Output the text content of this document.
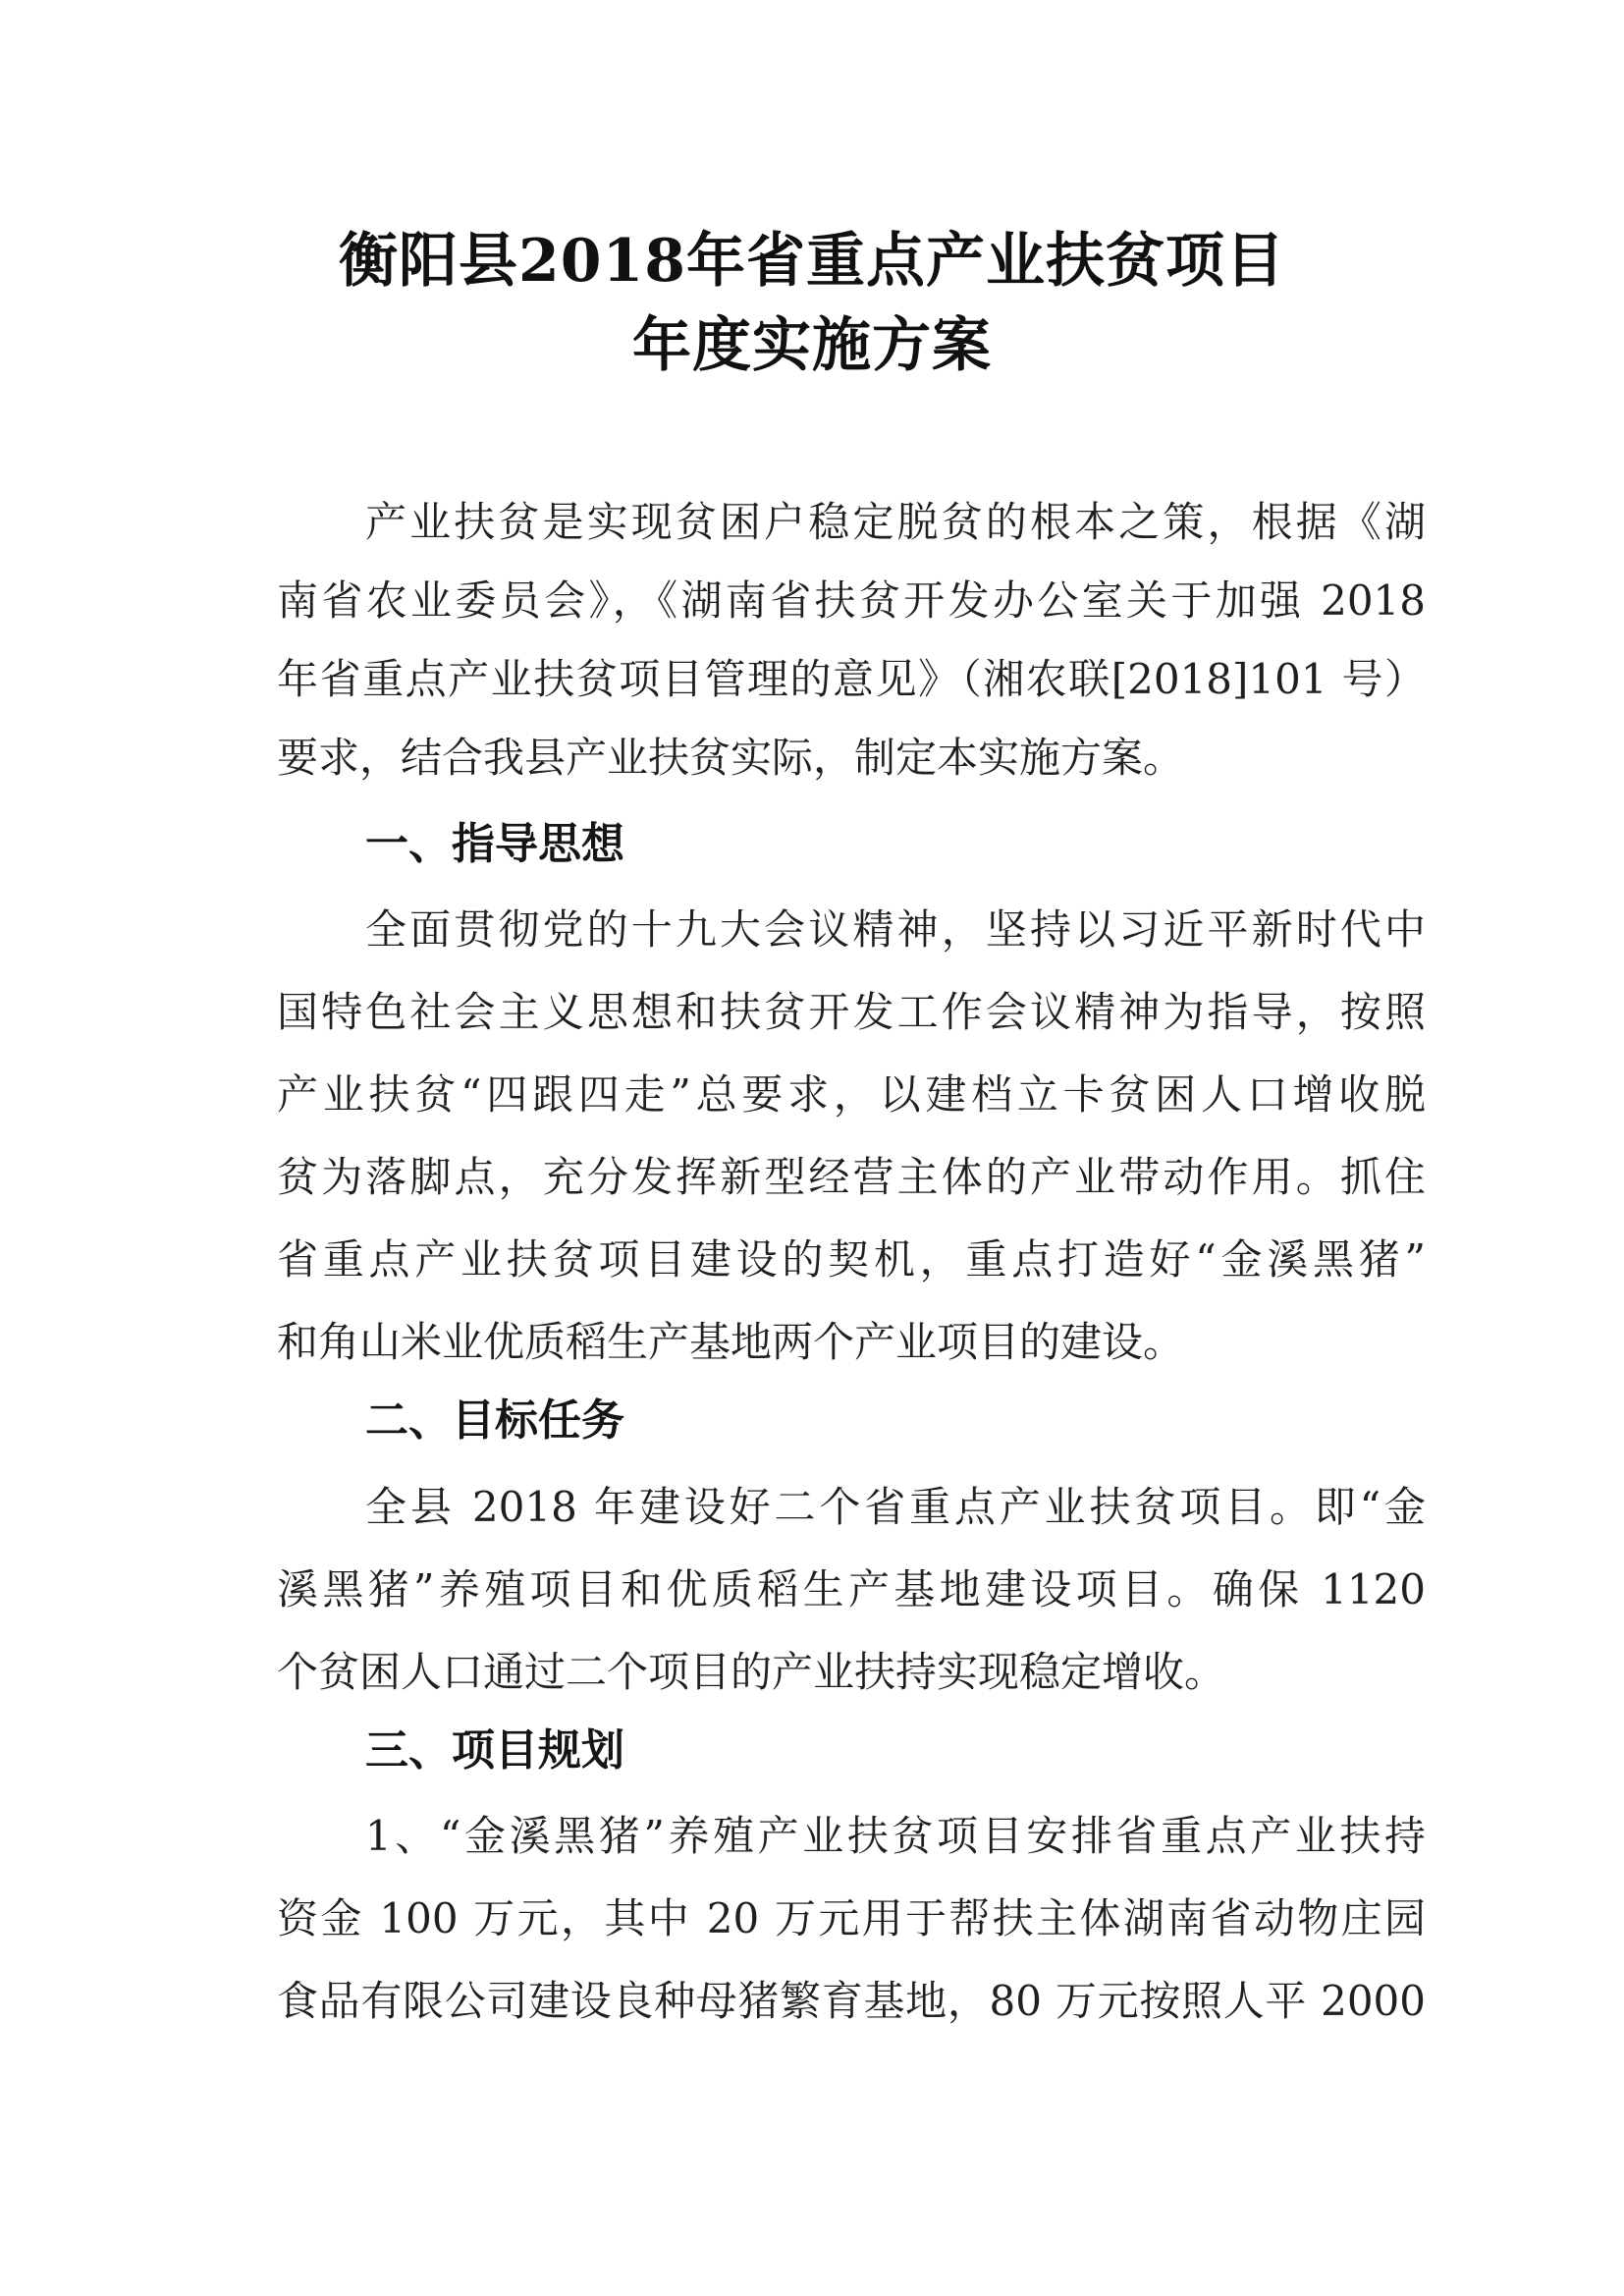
衡阳县2018年省重点产业扶贫项目
年度实施方案
产业扶贫是实现贫困户稳定脱贫的根本之策，根据《湖
南省农业委员会》，《湖南省扶贫开发办公室关于加强 2018
年省重点产业扶贫项目管理的意见》（湘农联[2018]101 号）
要求，结合我县产业扶贫实际，制定本实施方案。
一、指导思想
全面贯彻党的十九大会议精神，坚持以习近平新时代中
国特色社会主义思想和扶贫开发工作会议精神为指导，按照
产业扶贫“四跟四走”总要求，以建档立卡贫困人口增收脱
贫为落脚点，充分发挥新型经营主体的产业带动作用。抓住
省重点产业扶贫项目建设的契机，重点打造好“金溪黑猪”
和角山米业优质稻生产基地两个产业项目的建设。
二、目标任务
全县 2018 年建设好二个省重点产业扶贫项目。即“金
溪黑猪”养殖项目和优质稻生产基地建设项目。确保 1120
个贫困人口通过二个项目的产业扶持实现稳定增收。
三、项目规划
1、“金溪黑猪”养殖产业扶贫项目安排省重点产业扶持
资金 100 万元，其中 20 万元用于帮扶主体湖南省动物庄园
食品有限公司建设良种母猪繁育基地，80 万元按照人平 2000
